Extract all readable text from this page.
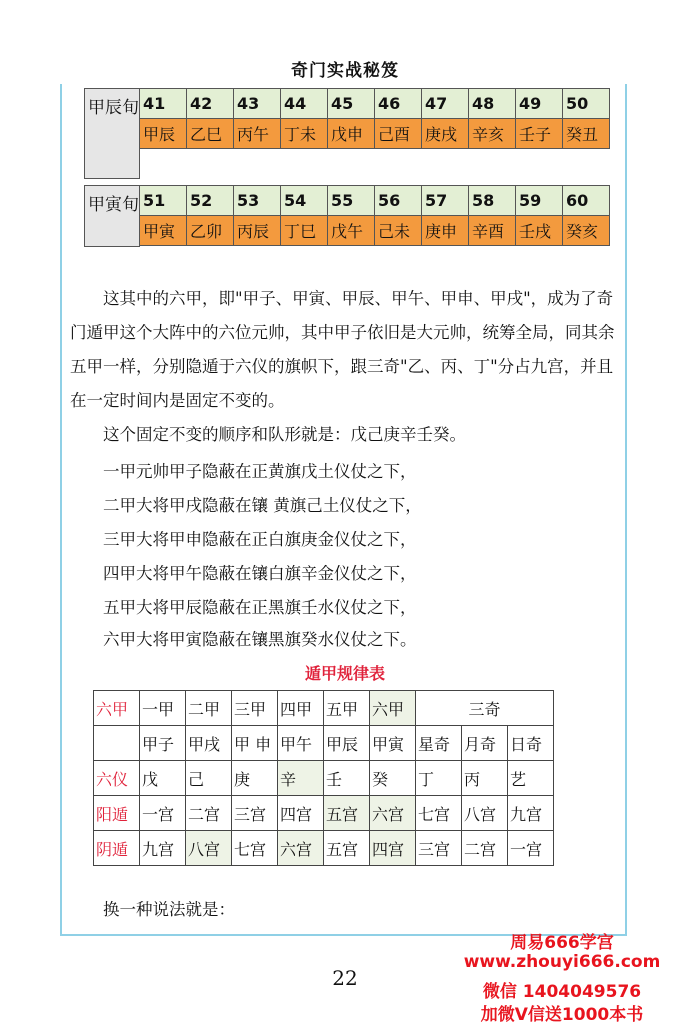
奇门实战秘笈
甲辰旬	41	42	43	44	45	46	47	48	49	50
	甲辰	乙巳	丙午	丁未	戊申	己酉	庚戌	辛亥	壬子	癸丑

甲寅旬	51	52	53	54	55	56	57	58	59	60
	甲寅	乙卯	丙辰	丁巳	戊午	己未	庚申	辛酉	壬戌	癸亥

这其中的六甲，即"甲子、甲寅、甲辰、甲午、甲申、甲戌"，成为了奇门遁甲这个大阵中的六位元帅，其中甲子依旧是大元帅，统筹全局，同其余五甲一样，分别隐遁于六仪的旗帜下，跟三奇"乙、丙、丁"分占九宫，并且在一定时间内是固定不变的。

这个固定不变的顺序和队形就是：戊己庚辛壬癸。

一甲元帅甲子隐蔽在正黄旗戊土仪仗之下，
二甲大将甲戌隐蔽在镶 黄旗己土仪仗之下，
三甲大将甲申隐蔽在正白旗庚金仪仗之下，
四甲大将甲午隐蔽在镶白旗辛金仪仗之下，
五甲大将甲辰隐蔽在正黑旗壬水仪仗之下，
六甲大将甲寅隐蔽在镶黑旗癸水仪仗之下。
遁甲规律表
六甲	一甲	二甲	三甲	四甲	五甲	六甲	三奇		
	甲子	甲戌	甲 申	甲午	甲辰	甲寅	星奇	月奇	日奇
六仪	戊	己	庚	辛	壬	癸	丁	丙	艺
阳遁	一宫	二宫	三宫	四宫	五宫	六宫	七宫	八宫	九宫
阴遁	九宫	八宫	七宫	六宫	五宫	四宫	三宫	二宫	一宫
换一种说法就是：
22
周易666学宫
www.zhouyi666.com
微信 1404049576
加微V信送1000本书
